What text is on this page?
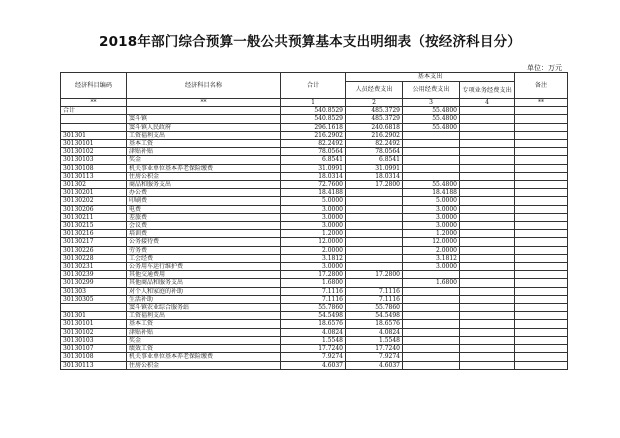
2018年部门综合预算一般公共预算基本支出明细表（按经济科目分）
单位：万元
经济科目编码	经济科目名称	合计	基本支出			备注
			人员经费支出	公用经费支出	专项业务经费支出	
**	**	1	2	3	4	**
合计		540.8529	485.3729	55.4800		
	窦斗镇	540.8529	485.3729	55.4800		
	窦斗镇人民政府	296.1618	240.6818	55.4800		
301301	工资福利支出	216.2902	216.2902			
30130101	基本工资	82.2492	82.2492			
30130102	津贴补贴	78.0564	78.0564			
30130103	奖金	6.8541	6.8541			
30130108	机关事业单位基本养老保险缴费	31.0991	31.0991			
30130113	住房公积金	18.0314	18.0314			
301302	商品和服务支出	72.7600	17.2800	55.4800		
30130201	办公费	18.4188		18.4188		
30130202	印刷费	5.0000		5.0000		
30130206	电费	3.0000		3.0000		
30130211	差旅费	3.0000		3.0000		
30130215	会议费	3.0000		3.0000		
30130216	培训费	1.2000		1.2000		
30130217	公务接待费	12.0000		12.0000		
30130226	劳务费	2.0000		2.0000		
30130228	工会经费	3.1812		3.1812		
30130231	公务用车运行维护费	3.0000		3.0000		
30130239	其他交通费用	17.2800	17.2800			
30130299	其他商品和服务支出	1.6800		1.6800		
301303	对个人和家庭的补助	7.1116	7.1116			
30130305	生活补助	7.1116	7.1116			
	窦斗镇农业综合服务站	55.7860	55.7860			
301301	工资福利支出	54.5498	54.5498			
30130101	基本工资	18.6576	18.6576			
30130102	津贴补贴	4.0824	4.0824			
30130103	奖金	1.5548	1.5548			
30130107	绩效工资	17.7240	17.7240			
30130108	机关事业单位基本养老保险缴费	7.9274	7.9274			
30130113	住房公积金	4.6037	4.6037			
